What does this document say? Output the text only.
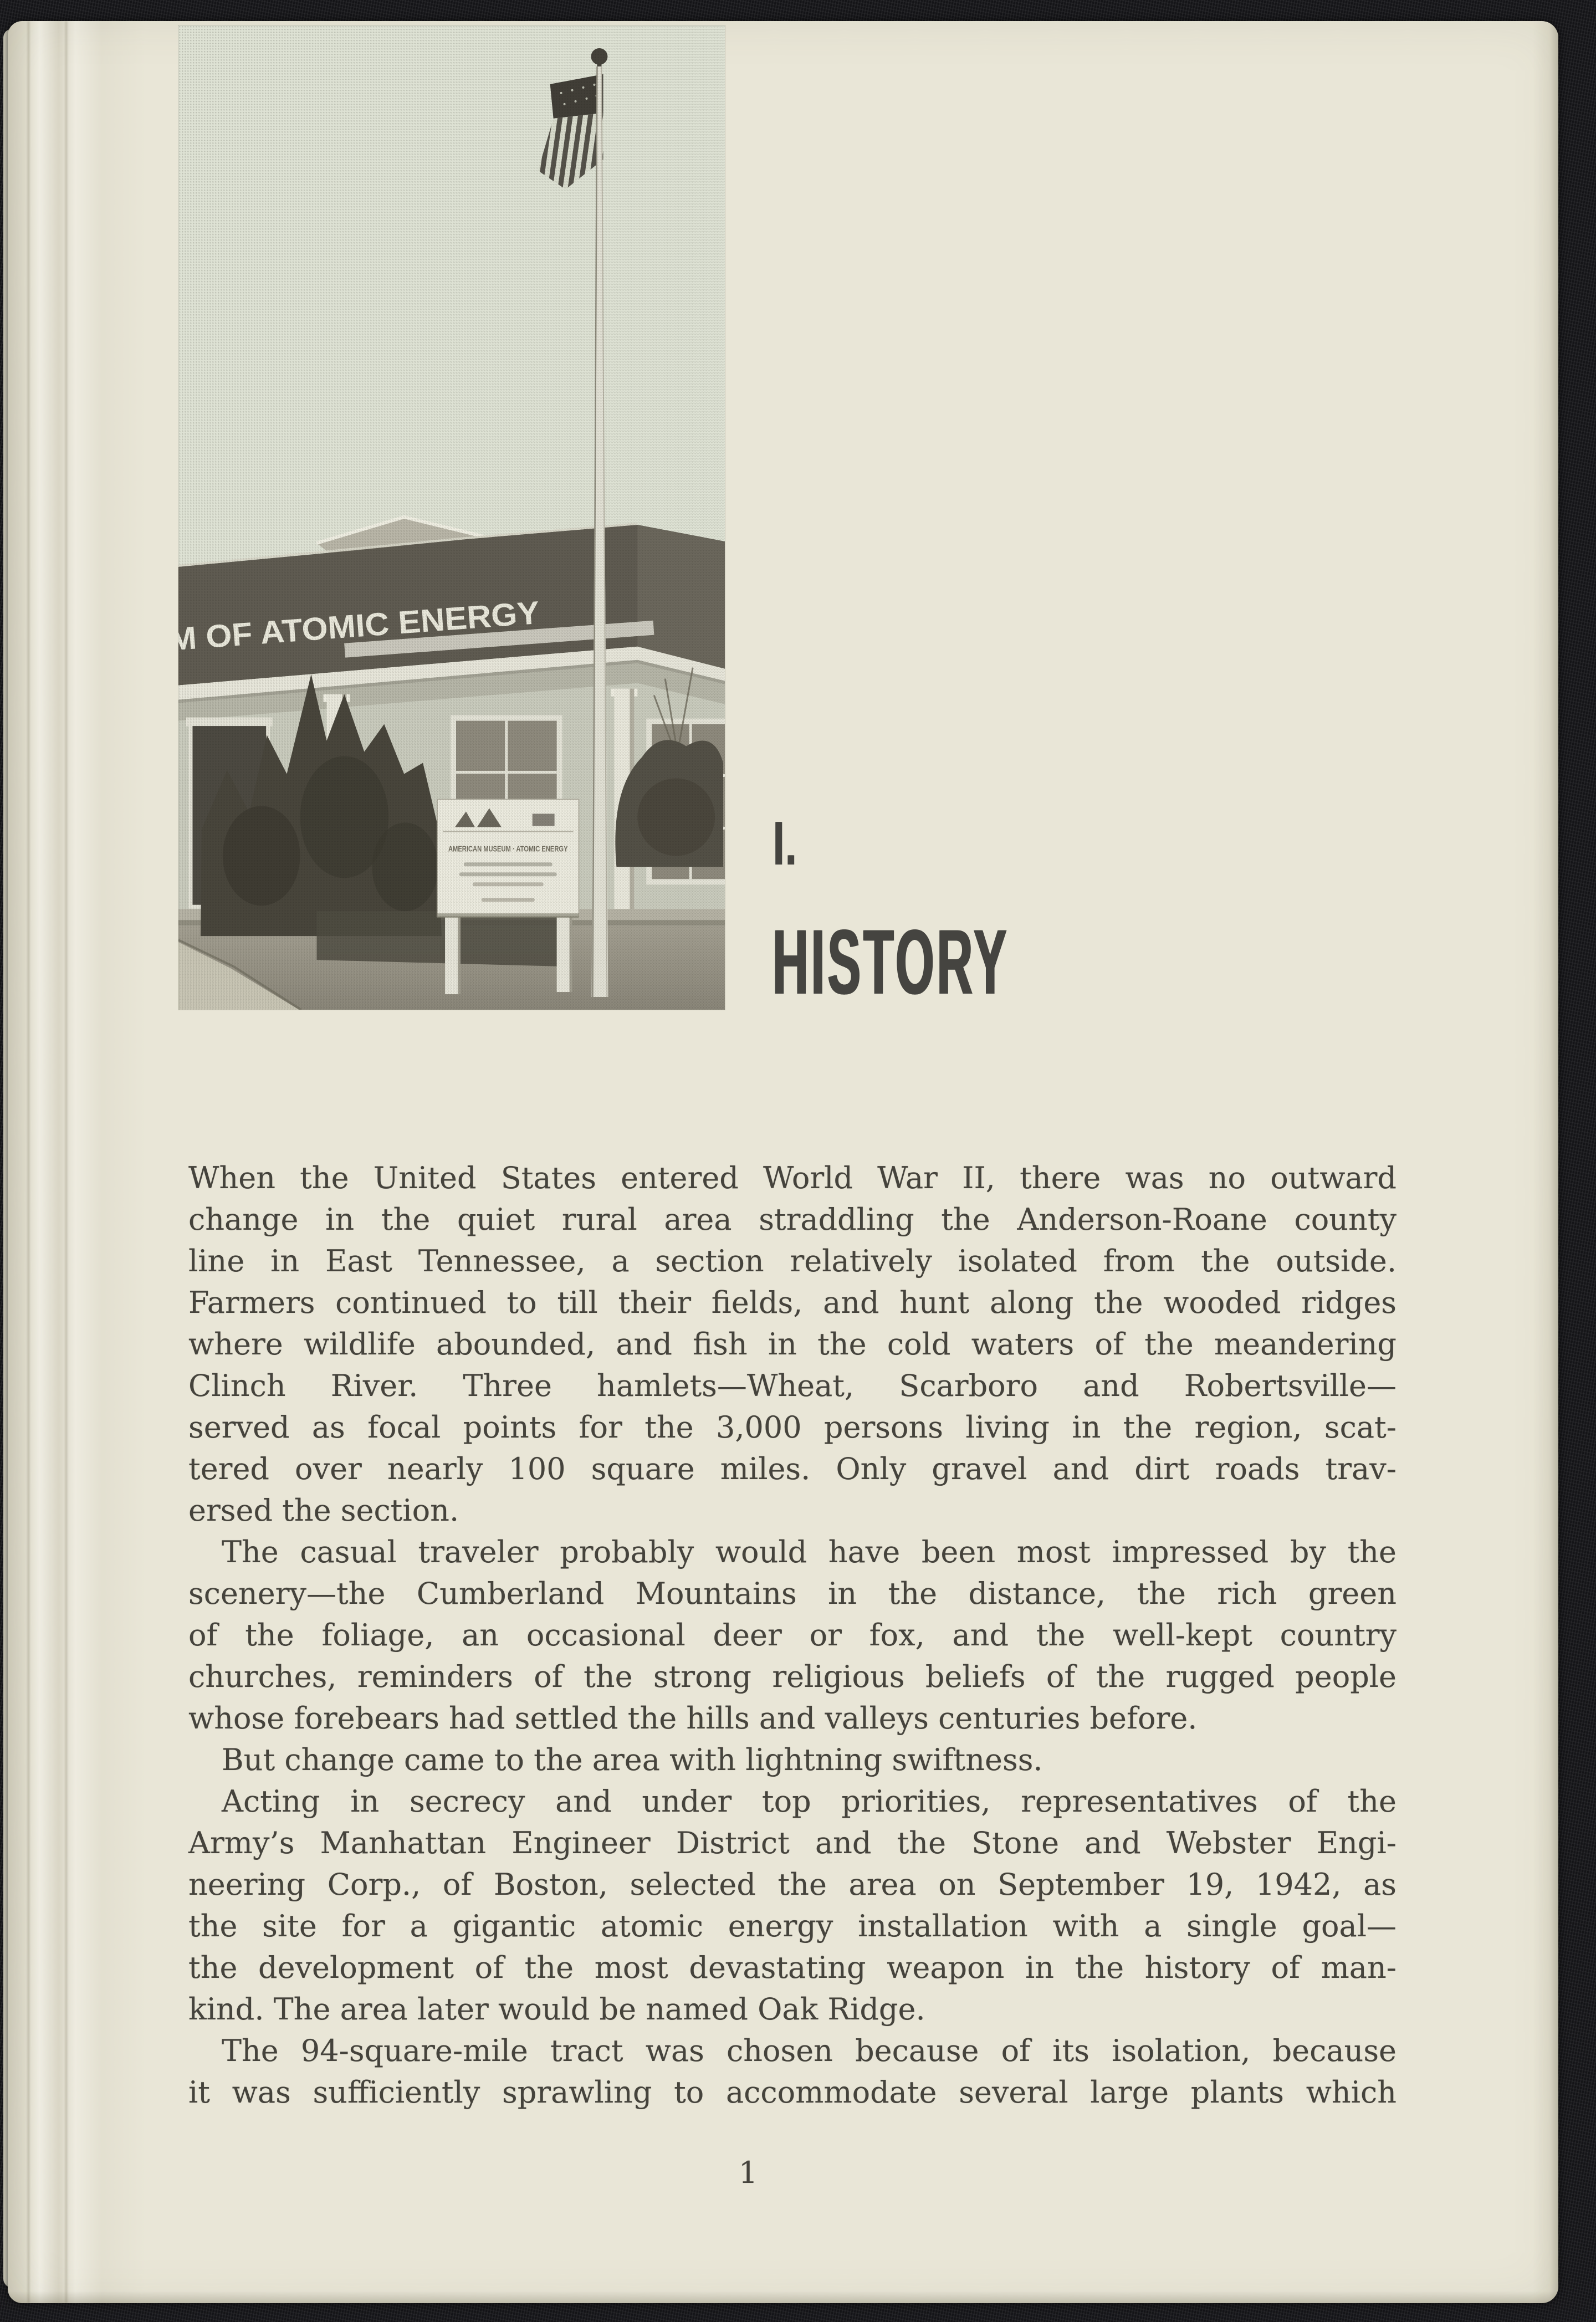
I.
HISTORY
When the United States entered World War II, there was no outward
change in the quiet rural area straddling the Anderson-Roane county
line in East Tennessee, a section relatively isolated from the outside.
Farmers continued to till their fields, and hunt along the wooded ridges
where wildlife abounded, and fish in the cold waters of the meandering
Clinch River. Three hamlets—Wheat, Scarboro and Robertsville—
served as focal points for the 3,000 persons living in the region, scat-
tered over nearly 100 square miles. Only gravel and dirt roads trav-
ersed the section.
The casual traveler probably would have been most impressed by the
scenery—the Cumberland Mountains in the distance, the rich green
of the foliage, an occasional deer or fox, and the well-kept country
churches, reminders of the strong religious beliefs of the rugged people
whose forebears had settled the hills and valleys centuries before.
But change came to the area with lightning swiftness.
Acting in secrecy and under top priorities, representatives of the
Army’s Manhattan Engineer District and the Stone and Webster Engi-
neering Corp., of Boston, selected the area on September 19, 1942, as
the site for a gigantic atomic energy installation with a single goal—
the development of the most devastating weapon in the history of man-
kind. The area later would be named Oak Ridge.
The 94-square-mile tract was chosen because of its isolation, because
it was sufficiently sprawling to accommodate several large plants which
1
